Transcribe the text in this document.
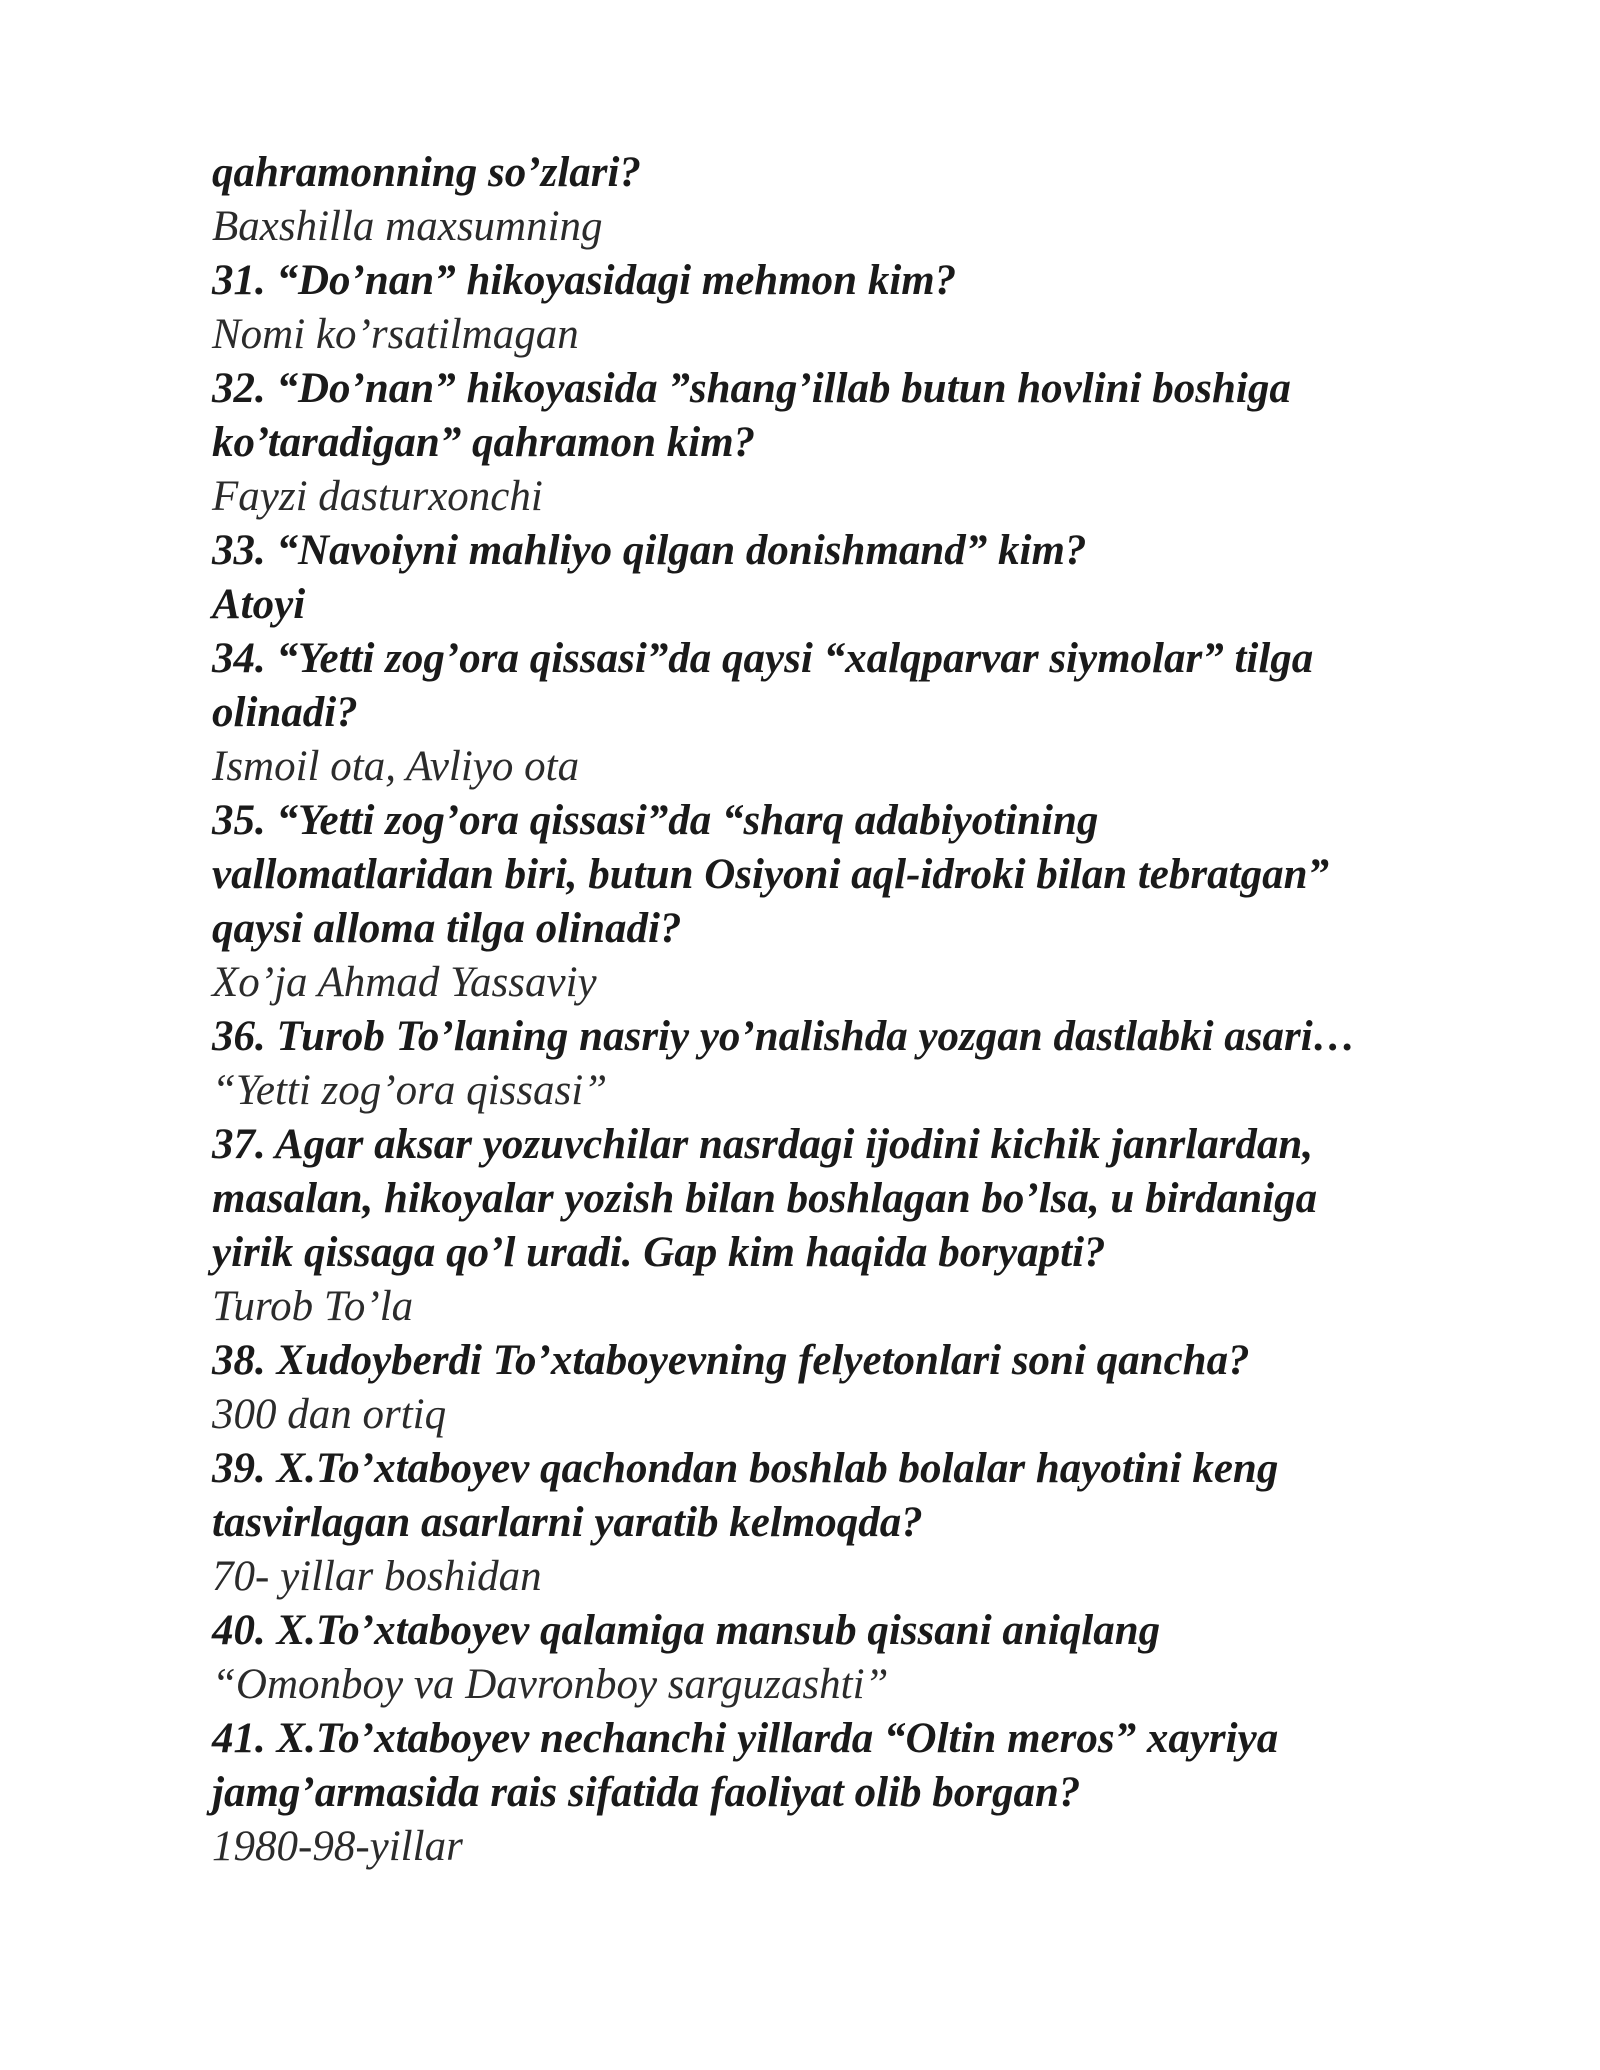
qahramonning so’zlari?

Baxshilla maxsumning

31. “Do’nan” hikoyasidagi mehmon kim?

Nomi ko’rsatilmagan

32. “Do’nan” hikoyasida ”shang’illab butun hovlini boshiga

ko’taradigan” qahramon kim?

Fayzi dasturxonchi

33. “Navoiyni mahliyo qilgan donishmand” kim?

Atoyi

34. “Yetti zog’ora qissasi”da qaysi “xalqparvar siymolar” tilga

olinadi?

Ismoil ota, Avliyo ota

35. “Yetti zog’ora qissasi”da “sharq adabiyotining

vallomatlaridan biri, butun Osiyoni aql-idroki bilan tebratgan”

qaysi alloma tilga olinadi?

Xo’ja Ahmad Yassaviy

36. Turob To’laning nasriy yo’nalishda yozgan dastlabki asari…

“Yetti zog’ora qissasi”

37. Agar aksar yozuvchilar nasrdagi ijodini kichik janrlardan,

masalan, hikoyalar yozish bilan boshlagan bo’lsa, u birdaniga

yirik qissaga qo’l uradi. Gap kim haqida boryapti?

Turob To’la

38. Xudoyberdi To’xtaboyevning felyetonlari soni qancha?

300 dan ortiq

39. X.To’xtaboyev qachondan boshlab bolalar hayotini keng

tasvirlagan asarlarni yaratib kelmoqda?

70- yillar boshidan

40. X.To’xtaboyev qalamiga mansub qissani aniqlang

“Omonboy va Davronboy sarguzashti”

41. X.To’xtaboyev nechanchi yillarda “Oltin meros” xayriya

jamg’armasida rais sifatida faoliyat olib borgan?

1980-98-yillar
